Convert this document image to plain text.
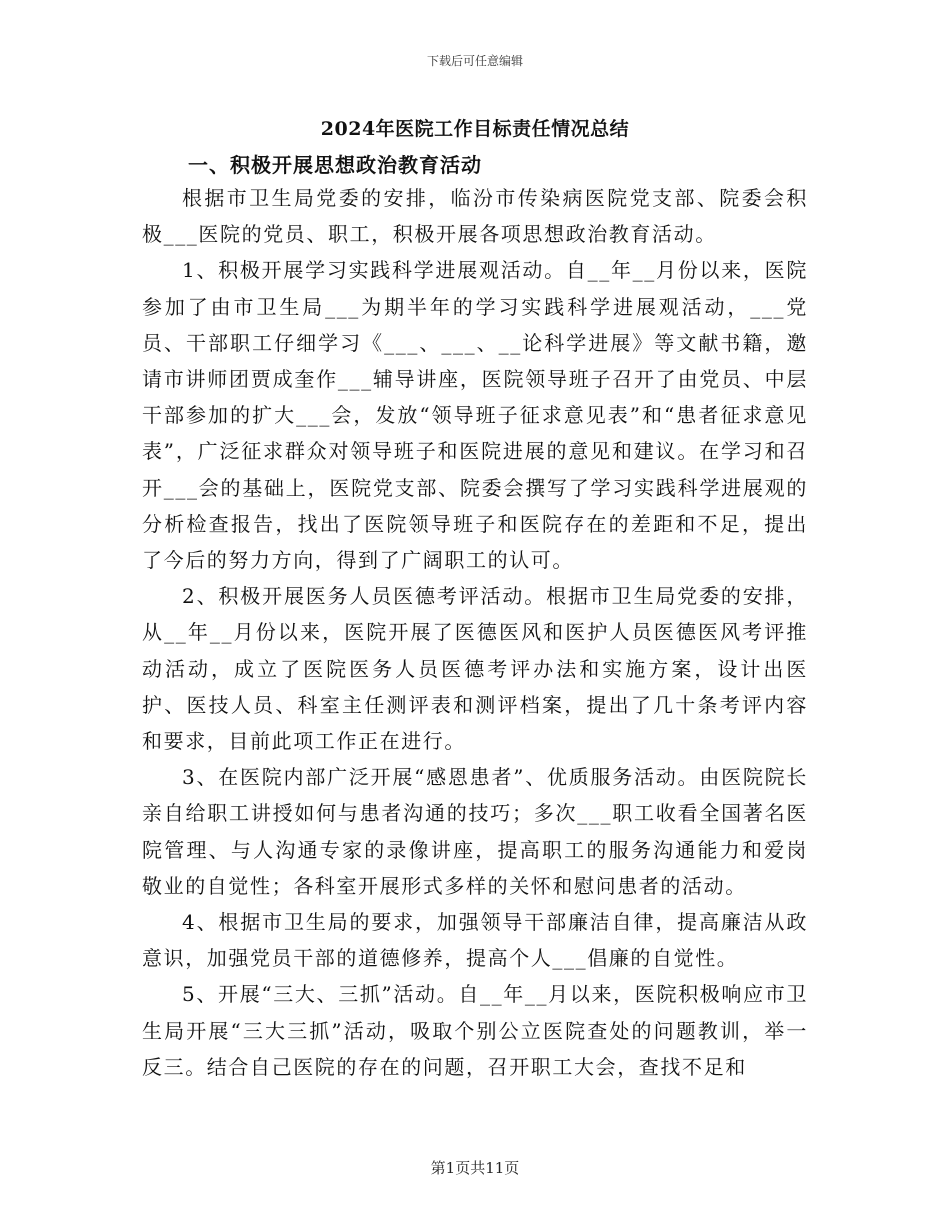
下载后可任意编辑
2024年医院工作目标责任情况总结
一、积极开展思想政治教育活动

根据市卫生局党委的安排，临汾市传染病医院党支部、院委会积极___医院的党员、职工，积极开展各项思想政治教育活动。

1、积极开展学习实践科学进展观活动。自__年__月份以来，医院参加了由市卫生局___为期半年的学习实践科学进展观活动，___党员、干部职工仔细学习《___、___、__论科学进展》等文献书籍，邀请市讲师团贾成奎作___辅导讲座，医院领导班子召开了由党员、中层干部参加的扩大___会，发放“领导班子征求意见表”和“患者征求意见表”，广泛征求群众对领导班子和医院进展的意见和建议。在学习和召开___会的基础上，医院党支部、院委会撰写了学习实践科学进展观的分析检查报告，找出了医院领导班子和医院存在的差距和不足，提出了今后的努力方向，得到了广阔职工的认可。

2、积极开展医务人员医德考评活动。根据市卫生局党委的安排，从__年__月份以来，医院开展了医德医风和医护人员医德医风考评推动活动，成立了医院医务人员医德考评办法和实施方案，设计出医护、医技人员、科室主任测评表和测评档案，提出了几十条考评内容和要求，目前此项工作正在进行。

3、在医院内部广泛开展“感恩患者”、优质服务活动。由医院院长亲自给职工讲授如何与患者沟通的技巧；多次___职工收看全国著名医院管理、与人沟通专家的录像讲座，提高职工的服务沟通能力和爱岗敬业的自觉性；各科室开展形式多样的关怀和慰问患者的活动。

4、根据市卫生局的要求，加强领导干部廉洁自律，提高廉洁从政意识，加强党员干部的道德修养，提高个人___倡廉的自觉性。

5、开展“三大、三抓”活动。自__年__月以来，医院积极响应市卫生局开展“三大三抓”活动，吸取个别公立医院查处的问题教训，举一反三。结合自己医院的存在的问题，召开职工大会，查找不足和

第1页共11页
